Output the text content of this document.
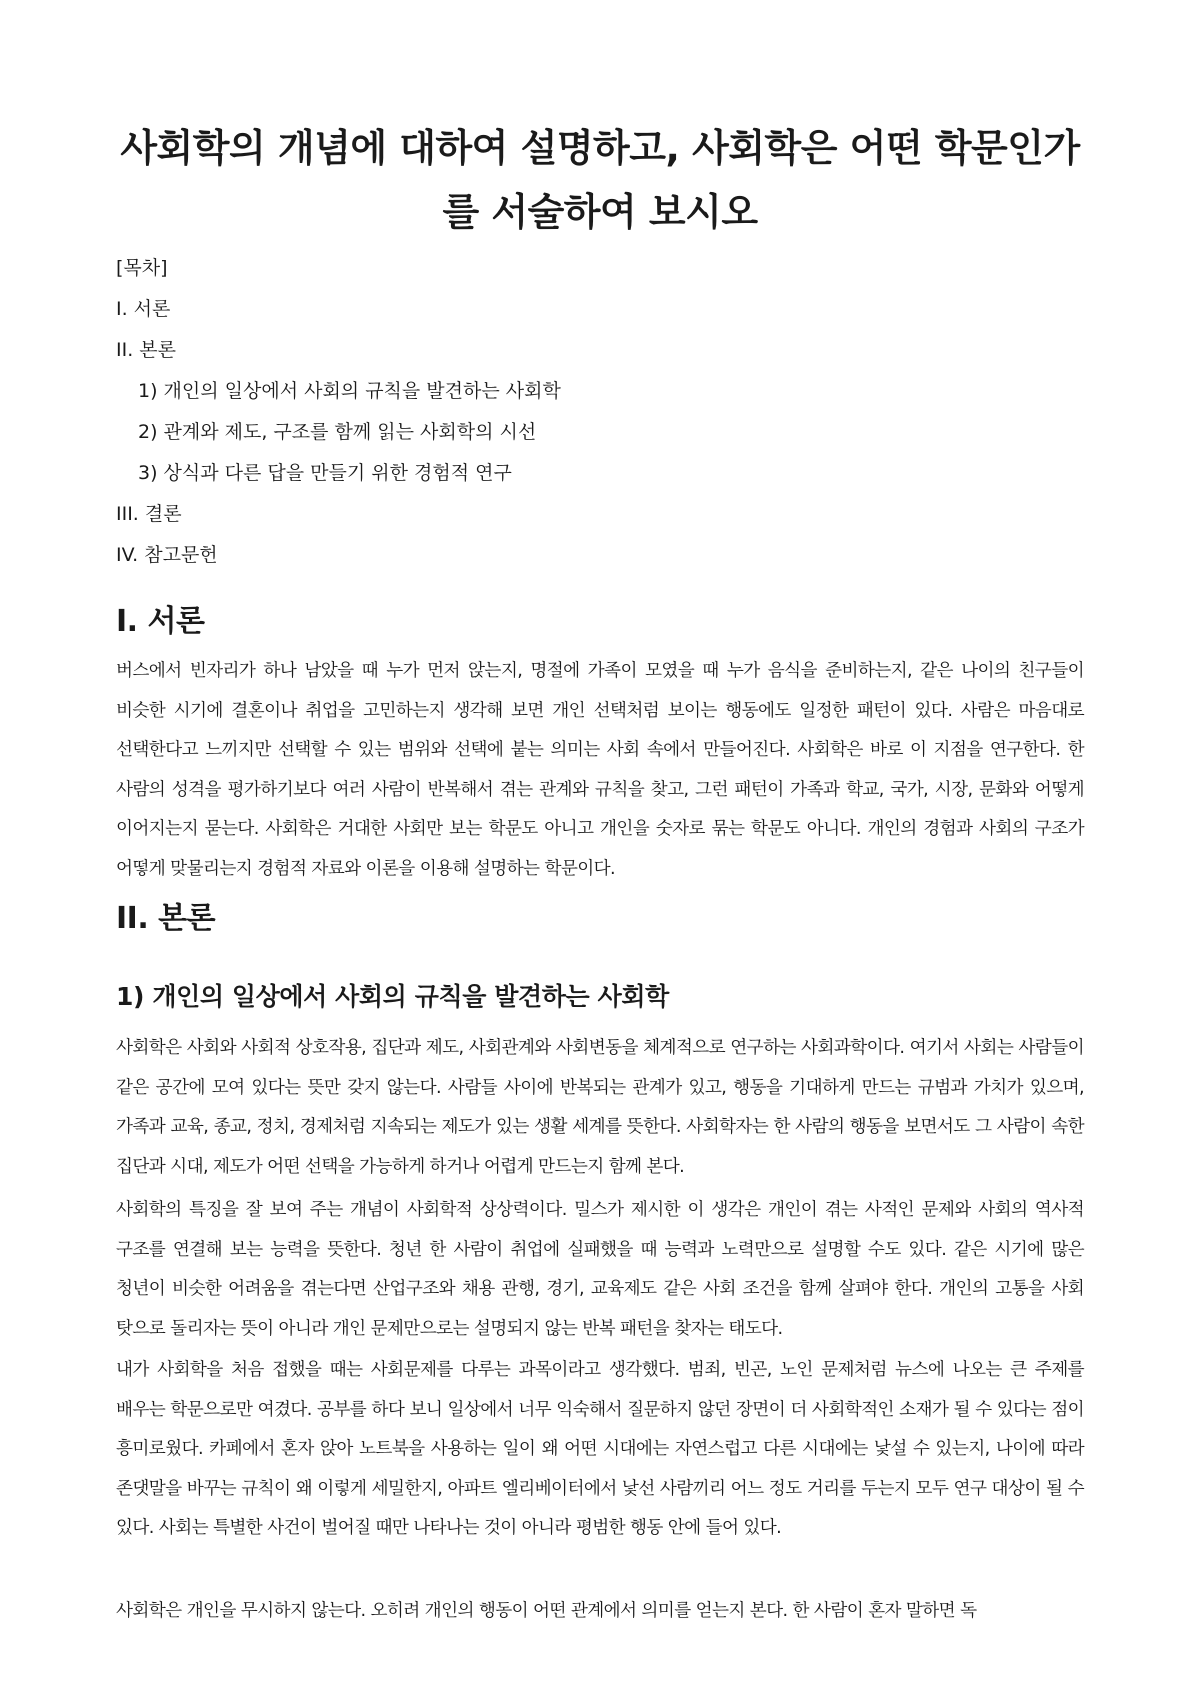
사회학의 개념에 대하여 설명하고, 사회학은 어떤 학문인가를 서술하여 보시오
[목차]
I. 서론
II. 본론
1) 개인의 일상에서 사회의 규칙을 발견하는 사회학
2) 관계와 제도, 구조를 함께 읽는 사회학의 시선
3) 상식과 다른 답을 만들기 위한 경험적 연구
III. 결론
IV. 참고문헌
I. 서론

버스에서 빈자리가 하나 남았을 때 누가 먼저 앉는지, 명절에 가족이 모였을 때 누가 음식을 준비하는지, 같은 나이의 친구들이 비슷한 시기에 결혼이나 취업을 고민하는지 생각해 보면 개인 선택처럼 보이는 행동에도 일정한 패턴이 있다. 사람은 마음대로 선택한다고 느끼지만 선택할 수 있는 범위와 선택에 붙는 의미는 사회 속에서 만들어진다. 사회학은 바로 이 지점을 연구한다. 한 사람의 성격을 평가하기보다 여러 사람이 반복해서 겪는 관계와 규칙을 찾고, 그런 패턴이 가족과 학교, 국가, 시장, 문화와 어떻게 이어지는지 묻는다. 사회학은 거대한 사회만 보는 학문도 아니고 개인을 숫자로 묶는 학문도 아니다. 개인의 경험과 사회의 구조가 어떻게 맞물리는지 경험적 자료와 이론을 이용해 설명하는 학문이다.

II. 본론
1) 개인의 일상에서 사회의 규칙을 발견하는 사회학

사회학은 사회와 사회적 상호작용, 집단과 제도, 사회관계와 사회변동을 체계적으로 연구하는 사회과학이다. 여기서 사회는 사람들이 같은 공간에 모여 있다는 뜻만 갖지 않는다. 사람들 사이에 반복되는 관계가 있고, 행동을 기대하게 만드는 규범과 가치가 있으며, 가족과 교육, 종교, 정치, 경제처럼 지속되는 제도가 있는 생활 세계를 뜻한다. 사회학자는 한 사람의 행동을 보면서도 그 사람이 속한 집단과 시대, 제도가 어떤 선택을 가능하게 하거나 어렵게 만드는지 함께 본다.

사회학의 특징을 잘 보여 주는 개념이 사회학적 상상력이다. 밀스가 제시한 이 생각은 개인이 겪는 사적인 문제와 사회의 역사적 구조를 연결해 보는 능력을 뜻한다. 청년 한 사람이 취업에 실패했을 때 능력과 노력만으로 설명할 수도 있다. 같은 시기에 많은 청년이 비슷한 어려움을 겪는다면 산업구조와 채용 관행, 경기, 교육제도 같은 사회 조건을 함께 살펴야 한다. 개인의 고통을 사회 탓으로 돌리자는 뜻이 아니라 개인 문제만으로는 설명되지 않는 반복 패턴을 찾자는 태도다.

내가 사회학을 처음 접했을 때는 사회문제를 다루는 과목이라고 생각했다. 범죄, 빈곤, 노인 문제처럼 뉴스에 나오는 큰 주제를 배우는 학문으로만 여겼다. 공부를 하다 보니 일상에서 너무 익숙해서 질문하지 않던 장면이 더 사회학적인 소재가 될 수 있다는 점이 흥미로웠다. 카페에서 혼자 앉아 노트북을 사용하는 일이 왜 어떤 시대에는 자연스럽고 다른 시대에는 낯설 수 있는지, 나이에 따라 존댓말을 바꾸는 규칙이 왜 이렇게 세밀한지, 아파트 엘리베이터에서 낯선 사람끼리 어느 정도 거리를 두는지 모두 연구 대상이 될 수 있다. 사회는 특별한 사건이 벌어질 때만 나타나는 것이 아니라 평범한 행동 안에 들어 있다.

사회학은 개인을 무시하지 않는다. 오히려 개인의 행동이 어떤 관계에서 의미를 얻는지 본다. 한 사람이 혼자 말하면 독
